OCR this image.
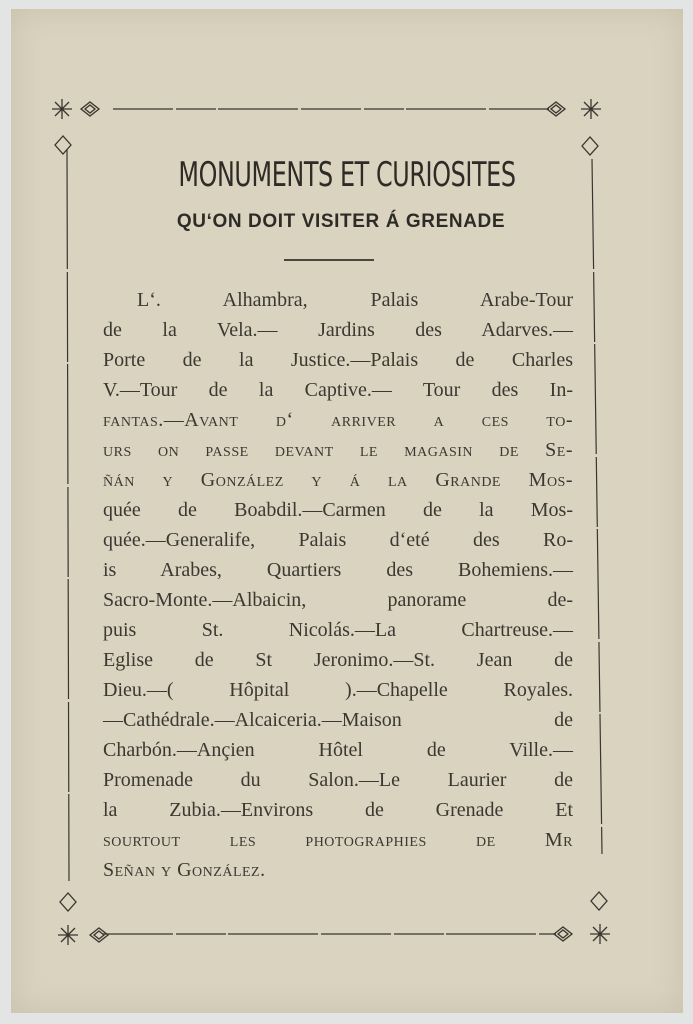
MONUMENTS ET CURIOSITES
QU‘ON DOIT VISITER Á GRENADE
L‘. Alhambra, Palais Arabe-Tour
de la Vela.— Jardins des Adarves.—
Porte de la Justice.—Palais de Charles
V.—Tour de la Captive.— Tour des In-
fantas.—Avant d‘ arriver a ces to-
urs on passe devant le magasin de Se-
ñán y González y á la Grande Mos-
quée de Boabdil.—Carmen de la Mos-
quée.—Generalife, Palais d‘eté des Ro-
is Arabes, Quartiers des Bohemiens.—
Sacro-Monte.—Albaicin, panorame de-
puis St. Nicolás.—La Chartreuse.—
Eglise de St Jeronimo.—St. Jean de
Dieu.—( Hôpital ).—Chapelle Royales.
—Cathédrale.—Alcaiceria.—Maison de
Charbón.—Ançien Hôtel de Ville.—
Promenade du Salon.—Le Laurier de
la Zubia.—Environs de Grenade Et
sourtout les photographies de Mr
Señan y González.
